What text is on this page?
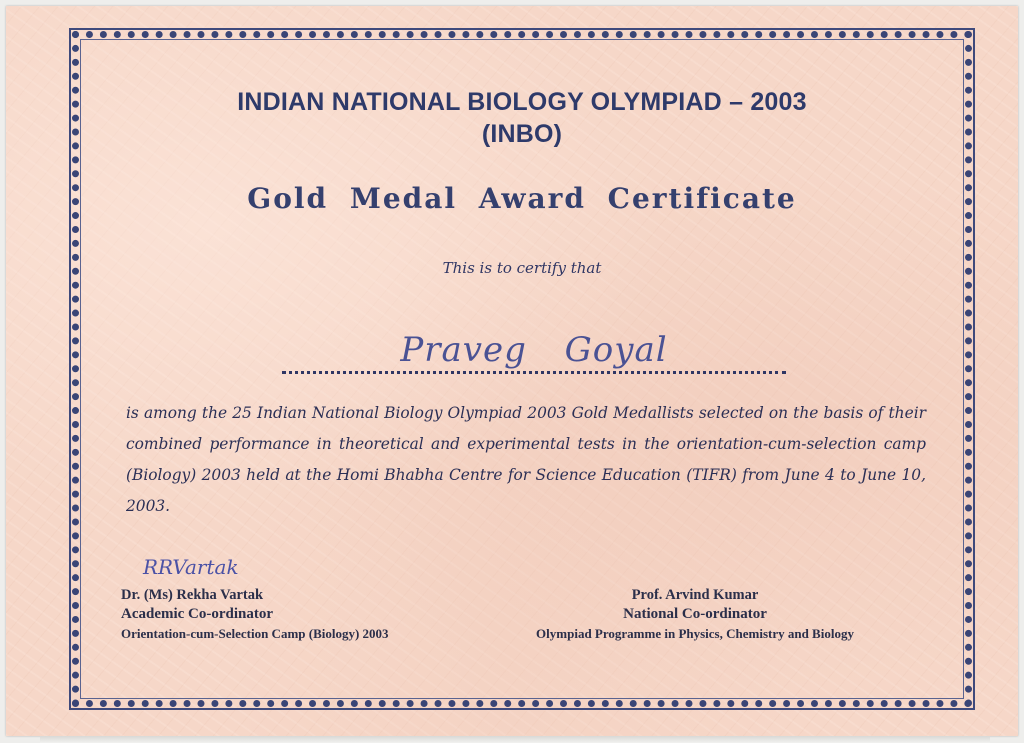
INDIAN NATIONAL BIOLOGY OLYMPIAD – 2003
(INBO)
Gold Medal Award Certificate
This is to certify that
Praveg Goyal
is among the 25 Indian National Biology Olympiad 2003 Gold Medallists selected on the basis of their combined performance in theoretical and experimental tests in the orientation-cum-selection camp (Biology) 2003 held at the Homi Bhabha Centre for Science Education (TIFR) from June 4 to June 10, 2003.
RRVartak
Dr. (Ms) Rekha Vartak
Academic Co-ordinator
Orientation-cum-Selection Camp (Biology) 2003
Prof. Arvind Kumar
National Co-ordinator
Olympiad Programme in Physics, Chemistry and Biology
